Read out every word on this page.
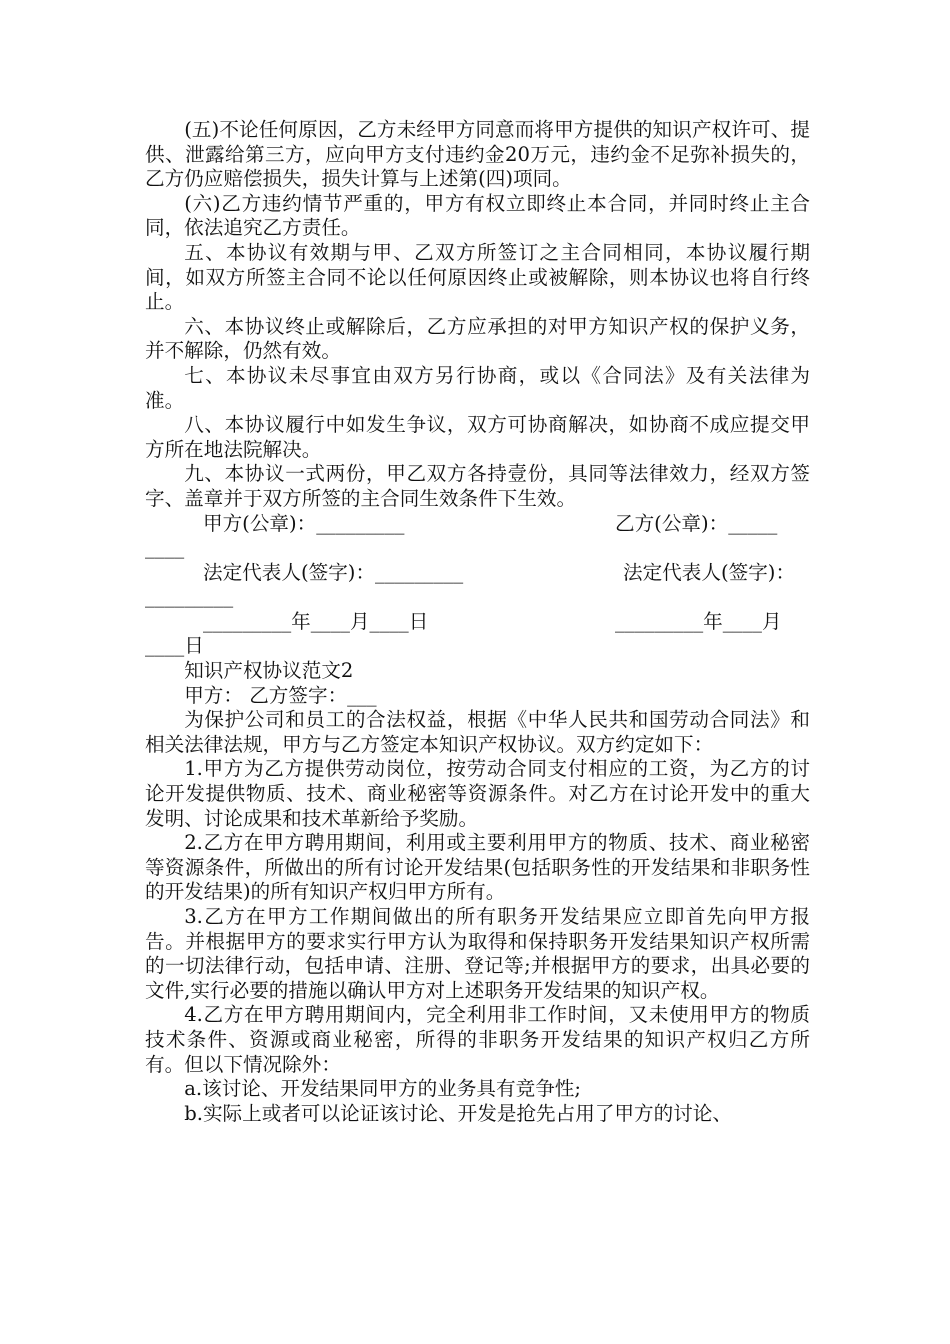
(五)不论任何原因，乙方未经甲方同意而将甲方提供的知识产权许可、提供、泄露给第三方，应向甲方支付违约金20万元，违约金不足弥补损失的，乙方仍应赔偿损失，损失计算与上述第(四)项同。

(六)乙方违约情节严重的，甲方有权立即终止本合同，并同时终止主合同，依法追究乙方责任。

五、本协议有效期与甲、乙双方所签订之主合同相同，本协议履行期间，如双方所签主合同不论以任何原因终止或被解除，则本协议也将自行终止。

六、本协议终止或解除后，乙方应承担的对甲方知识产权的保护义务，并不解除，仍然有效。

七、本协议未尽事宜由双方另行协商，或以《合同法》及有关法律为准。

八、本协议履行中如发生争议，双方可协商解决，如协商不成应提交甲方所在地法院解决。

九、本协议一式两份，甲乙双方各持壹份，具同等法律效力，经双方签字、盖章并于双方所签的主合同生效条件下生效。

甲方(公章)：_________	乙方(公章)：_____
____
法定代表人(签字)：_________	法定代表人(签字)：
_________
_________年____月____日	_________年____月
____日

知识产权协议范文2

甲方： 乙方签字：___

为保护公司和员工的合法权益，根据《中华人民共和国劳动合同法》和相关法律法规，甲方与乙方签定本知识产权协议。双方约定如下：

1.甲方为乙方提供劳动岗位，按劳动合同支付相应的工资，为乙方的讨论开发提供物质、技术、商业秘密等资源条件。对乙方在讨论开发中的重大发明、讨论成果和技术革新给予奖励。

2.乙方在甲方聘用期间，利用或主要利用甲方的物质、技术、商业秘密等资源条件，所做出的所有讨论开发结果(包括职务性的开发结果和非职务性的开发结果)的所有知识产权归甲方所有。

3.乙方在甲方工作期间做出的所有职务开发结果应立即首先向甲方报告。并根据甲方的要求实行甲方认为取得和保持职务开发结果知识产权所需的一切法律行动，包括申请、注册、登记等;并根据甲方的要求，出具必要的文件,实行必要的措施以确认甲方对上述职务开发结果的知识产权。

4.乙方在甲方聘用期间内，完全利用非工作时间，又未使用甲方的物质技术条件、资源或商业秘密，所得的非职务开发结果的知识产权归乙方所有。但以下情况除外：

a.该讨论、开发结果同甲方的业务具有竞争性;

b.实际上或者可以论证该讨论、开发是抢先占用了甲方的讨论、
